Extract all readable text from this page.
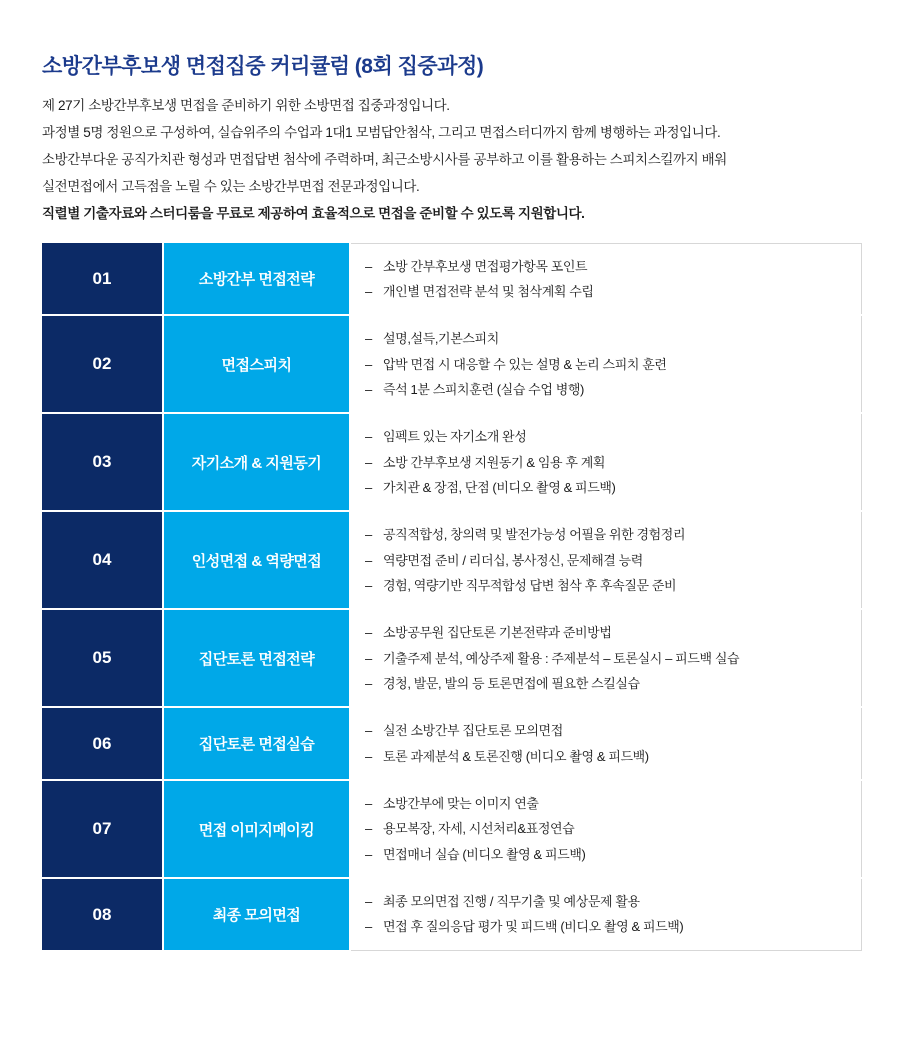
소방간부후보생 면접집중 커리큘럼 (8회 집중과정)

제 27기 소방간부후보생 면접을 준비하기 위한 소방면접 집중과정입니다.

과정별 5명 정원으로 구성하여, 실습위주의 수업과 1대1 모범답안첨삭, 그리고 면접스터디까지 함께 병행하는 과정입니다.

소방간부다운 공직가치관 형성과 면접답변 첨삭에 주력하며, 최근소방시사를 공부하고 이를 활용하는 스피치스킬까지 배워

실전면접에서 고득점을 노릴 수 있는 소방간부면접 전문과정입니다.

직렬별 기출자료와 스터디룸을 무료로 제공하여 효율적으로 면접을 준비할 수 있도록 지원합니다.

01	소방간부 면접전략	
– 소방 간부후보생 면접평가항목 포인트
– 개인별 면접전략 분석 및 첨삭계획 수립

02	면접스피치	
– 설명,설득,기본스피치
– 압박 면접 시 대응할 수 있는 설명 & 논리 스피치 훈련
– 즉석 1분 스피치훈련 (실습 수업 병행)

03	자기소개 & 지원동기	
– 임펙트 있는 자기소개 완성
– 소방 간부후보생 지원동기 & 임용 후 계획
– 가치관 & 장점, 단점 (비디오 촬영 & 피드백)

04	인성면접 & 역량면접	
– 공직적합성, 창의력 및 발전가능성 어필을 위한 경험정리
– 역량면접 준비 / 리더십, 봉사정신, 문제해결 능력
– 경험, 역량기반 직무적합성 답변 첨삭 후 후속질문 준비

05	집단토론 면접전략	
– 소방공무원 집단토론 기본전략과 준비방법
– 기출주제 분석, 예상주제 활용 : 주제분석 – 토론실시 – 피드백 실습
– 경청, 발문, 발의 등 토론면접에 필요한 스킬실습

06	집단토론 면접실습	
– 실전 소방간부 집단토론 모의면접
– 토론 과제분석 & 토론진행 (비디오 촬영 & 피드백)

07	면접 이미지메이킹	
– 소방간부에 맞는 이미지 연출
– 용모복장, 자세, 시선처리&표정연습
– 면접매너 실습 (비디오 촬영 & 피드백)

08	최종 모의면접	
– 최종 모의면접 진행 / 직무기출 및 예상문제 활용
– 면접 후 질의응답 평가 및 피드백 (비디오 촬영 & 피드백)
